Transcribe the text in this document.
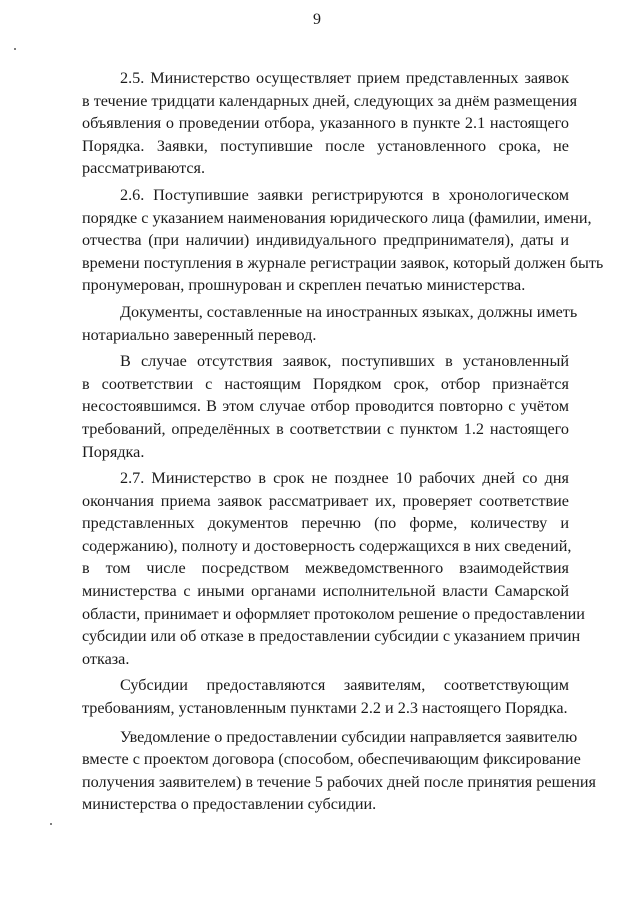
9
2.5. Министерство осуществляет прием представленных заявок
в течение тридцати календарных дней, следующих за днём размещения
объявления о проведении отбора, указанного в пункте 2.1 настоящего
Порядка. Заявки, поступившие после установленного срока, не
рассматриваются.
2.6. Поступившие заявки регистрируются в хронологическом
порядке с указанием наименования юридического лица (фамилии, имени,
отчества (при наличии) индивидуального предпринимателя), даты и
времени поступления в журнале регистрации заявок, который должен быть
пронумерован, прошнурован и скреплен печатью министерства.
Документы, составленные на иностранных языках, должны иметь
нотариально заверенный перевод.
В случае отсутствия заявок, поступивших в установленный
в соответствии с настоящим Порядком срок, отбор признаётся
несостоявшимся. В этом случае отбор проводится повторно с учётом
требований, определённых в соответствии с пунктом 1.2 настоящего
Порядка.
2.7. Министерство в срок не позднее 10 рабочих дней со дня
окончания приема заявок рассматривает их, проверяет соответствие
представленных документов перечню (по форме, количеству и
содержанию), полноту и достоверность содержащихся в них сведений,
в том числе посредством межведомственного взаимодействия
министерства с иными органами исполнительной власти Самарской
области, принимает и оформляет протоколом решение о предоставлении
субсидии или об отказе в предоставлении субсидии с указанием причин
отказа.
Субсидии предоставляются заявителям, соответствующим
требованиям, установленным пунктами 2.2 и 2.3 настоящего Порядка.
Уведомление о предоставлении субсидии направляется заявителю
вместе с проектом договора (способом, обеспечивающим фиксирование
получения заявителем) в течение 5 рабочих дней после принятия решения
министерства о предоставлении субсидии.
